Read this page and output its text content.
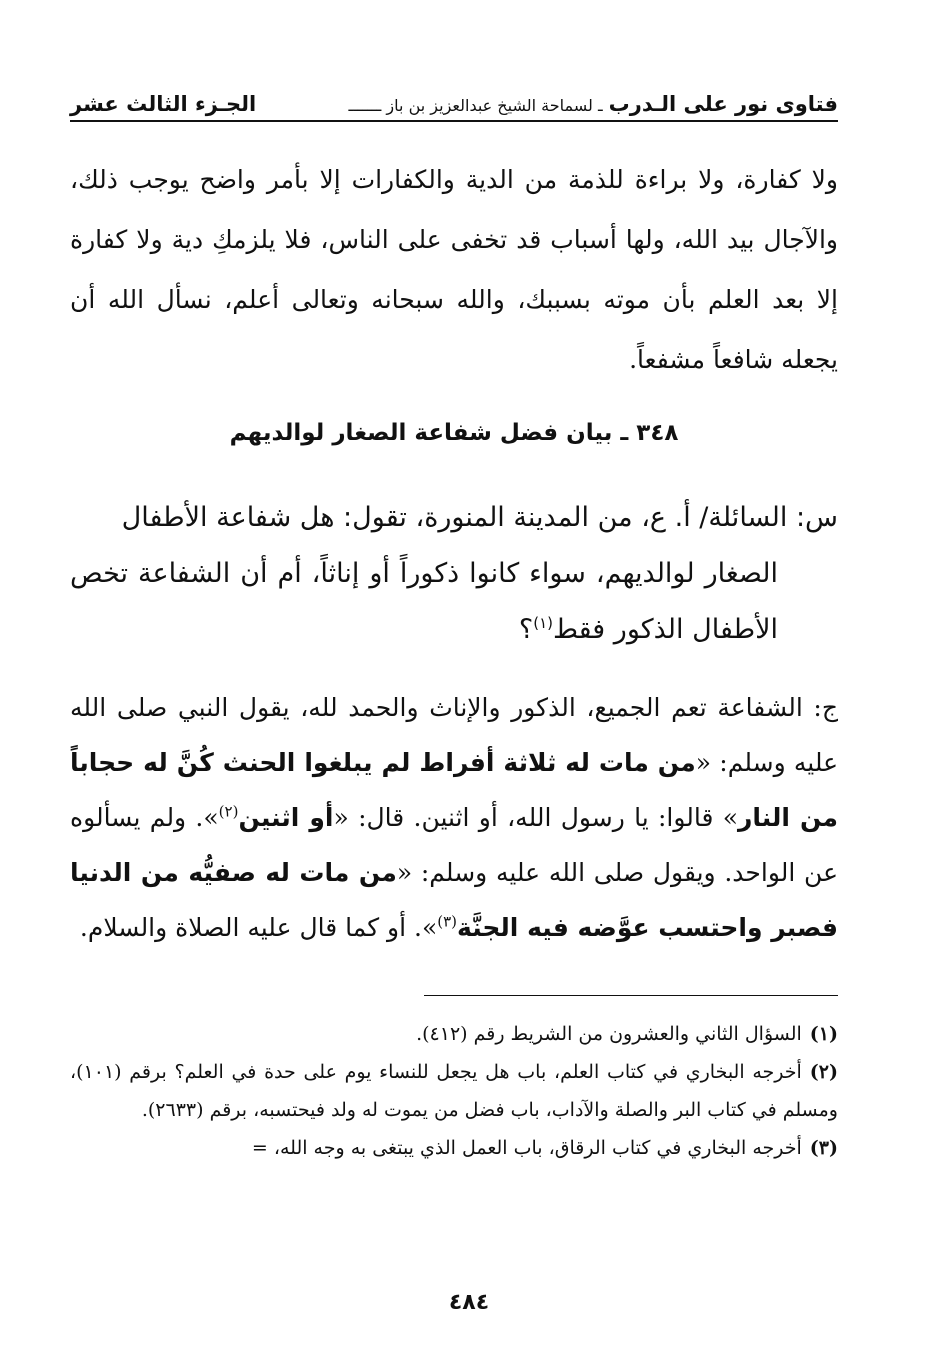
فتاوى نور على الـدرب
ـ لسماحة الشيخ عبدالعزيز بن باز ـــــــ
الجـزء الثالث عشر
ولا كفارة، ولا براءة للذمة من الدية والكفارات إلا بأمر واضح يوجب ذلك، والآجال بيد الله، ولها أسباب قد تخفى على الناس، فلا يلزمكِ دية ولا كفارة إلا بعد العلم بأن موته بسببك، والله سبحانه وتعالى أعلم، نسأل الله أن يجعله شافعاً مشفعاً.
٣٤٨ ـ بيان فضل شفاعة الصغار لوالديهم
س: السائلة/ أ. ع، من المدينة المنورة، تقول: هل شفاعة الأطفال
الصغار لوالديهم، سواء كانوا ذكوراً أو إناثاً، أم أن الشفاعة تخص الأطفال الذكور فقط$^{(١)}$؟
ج: الشفاعة تعم الجميع، الذكور والإناث والحمد لله، يقول النبي صلى الله عليه وسلم: «من مات له ثلاثة أفراط لم يبلغوا الحنث كُنَّ له حجاباً من النار» قالوا: يا رسول الله، أو اثنين. قال: «أو اثنين$^{(٢)}$». ولم يسألوه عن الواحد. ويقول صلى الله عليه وسلم: «من مات له صفيُّه من الدنيا فصبر واحتسب عوَّضه فيه الجنَّة$^{(٣)}$». أو كما قال عليه الصلاة والسلام.
(١)السؤال الثاني والعشرون من الشريط رقم (٤١٢).
(٢)أخرجه البخاري في كتاب العلم، باب هل يجعل للنساء يوم على حدة في العلم؟ برقم (١٠١)، ومسلم في كتاب البر والصلة والآداب، باب فضل من يموت له ولد فيحتسبه، برقم (٢٦٣٣).
(٣)أخرجه البخاري في كتاب الرقاق، باب العمل الذي يبتغى به وجه الله، =
٤٨٤
